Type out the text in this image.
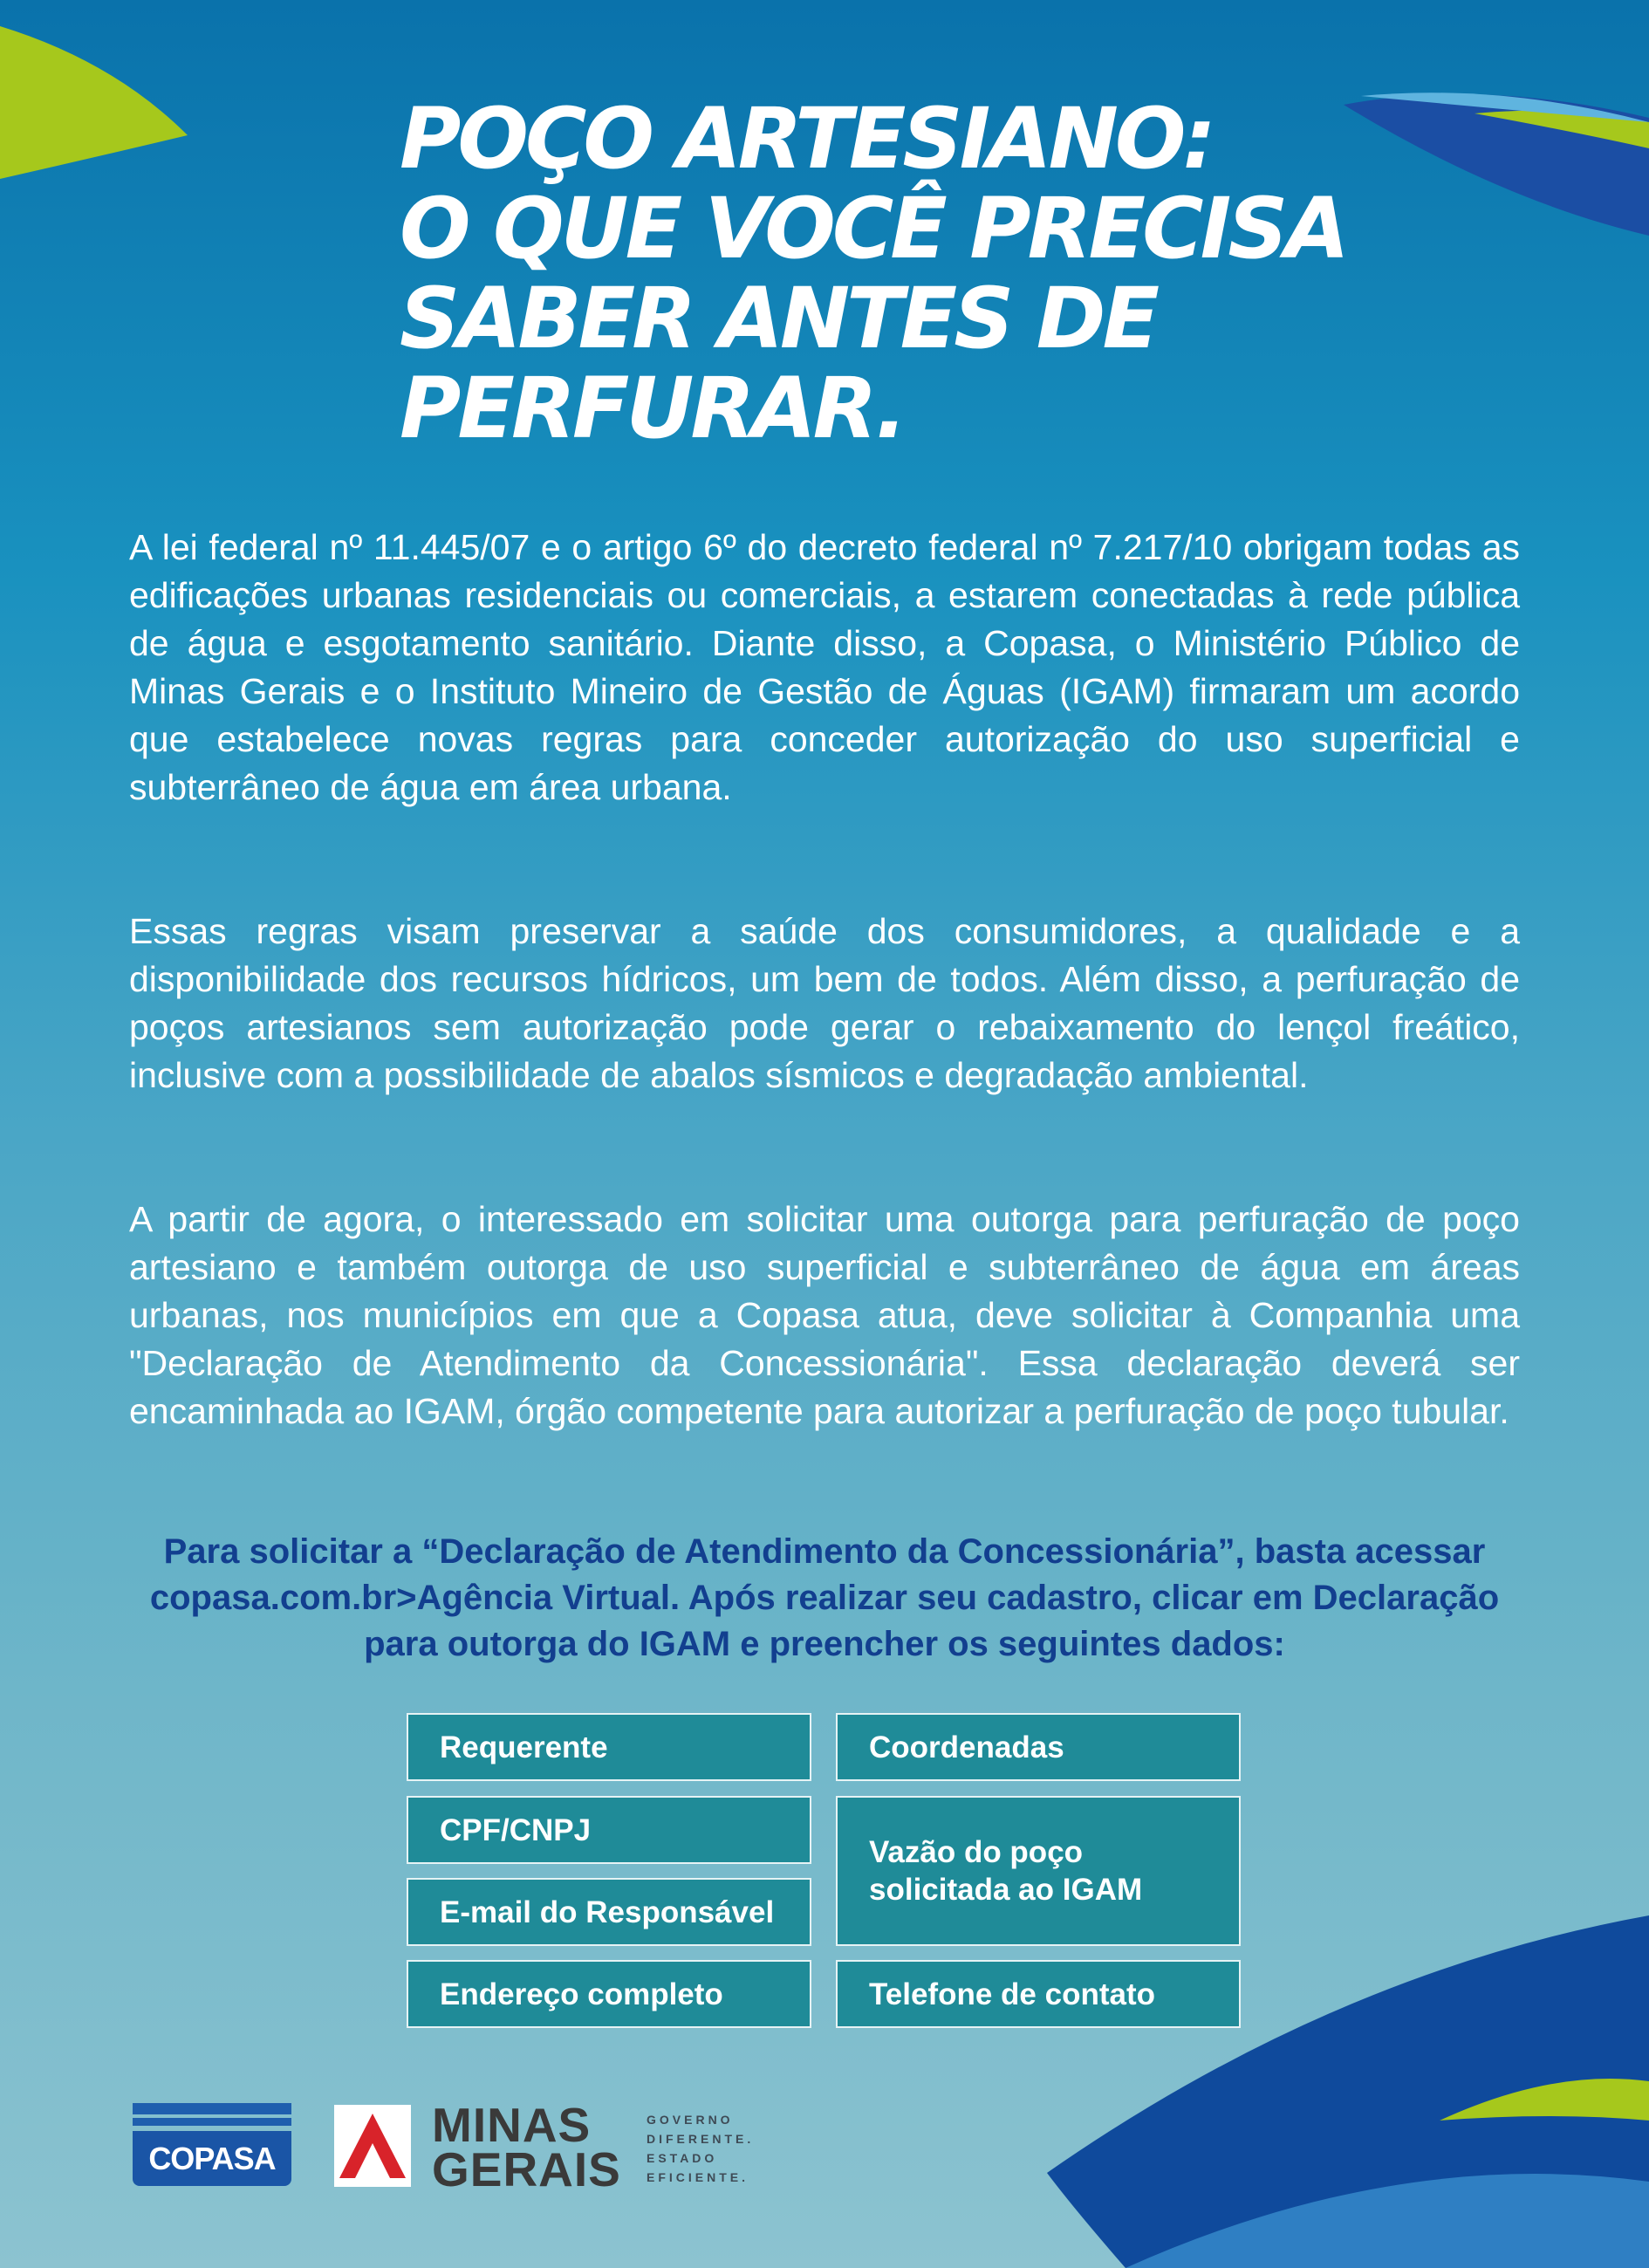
POÇO ARTESIANO:
O QUE VOCÊ PRECISA
SABER ANTES DE
PERFURAR.

A lei federal nº 11.445/07 e o artigo 6º do decreto federal nº 7.217/10 obrigam todas as edificações urbanas residenciais ou comerciais, a estarem conectadas à rede pública de água e esgotamento sanitário. Diante disso, a Copasa, o Ministério Público de Minas Gerais e o Instituto Mineiro de Gestão de Águas (IGAM) firmaram um acordo que estabelece novas regras para conceder autorização do uso superficial e subterrâneo de água em área urbana.

Essas regras visam preservar a saúde dos consumidores, a qualidade e a disponibilidade dos recursos hídricos, um bem de todos. Além disso, a perfuração de poços artesianos sem autorização pode gerar o rebaixamento do lençol freático, inclusive com a possibilidade de abalos sísmicos e degradação ambiental.

A partir de agora, o interessado em solicitar uma outorga para perfuração de poço artesiano e também outorga de uso superficial e subterrâneo de água em áreas urbanas, nos municípios em que a Copasa atua, deve solicitar à Companhia uma "Declaração de Atendimento da Concessionária". Essa declaração deverá ser encaminhada ao IGAM, órgão competente para autorizar a perfuração de poço tubular.

Para solicitar a “Declaração de Atendimento da Concessionária”, basta acessar copasa.com.br>Agência Virtual. Após realizar seu cadastro, clicar em Declaração para outorga do IGAM e preencher os seguintes dados:

Requerente
CPF/CNPJ
E-mail do Responsável
Endereço completo
Coordenadas
Vazão do poço solicitada ao IGAM
Telefone de contato
COPASA
MINAS
GERAIS
GOVERNO
DIFERENTE.
ESTADO
EFICIENTE.
